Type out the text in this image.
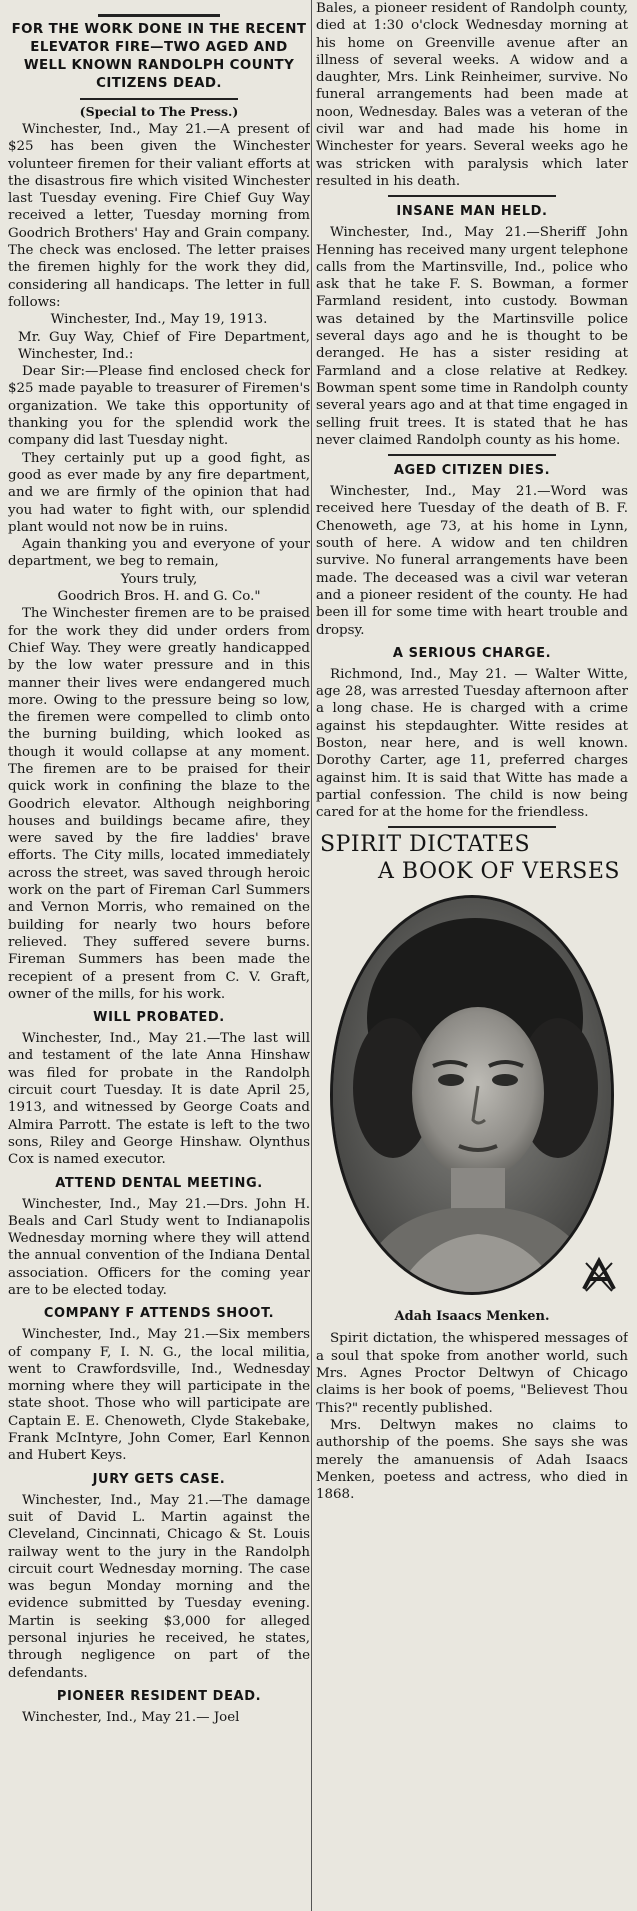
FOR THE WORK DONE IN THE RECENT ELEVATOR FIRE—TWO AGED AND WELL KNOWN RANDOLPH COUNTY CITIZENS DEAD.
(Special to The Press.)

Winchester, Ind., May 21.—A present of $25 has been given the Winchester volunteer firemen for their valiant efforts at the disastrous fire which visited Winchester last Tuesday evening. Fire Chief Guy Way received a letter, Tuesday morning from Goodrich Brothers' Hay and Grain company. The check was enclosed. The letter praises the firemen highly for the work they did, considering all handicaps. The letter in full follows:

Winchester, Ind., May 19, 1913.

Mr. Guy Way, Chief of Fire Department, Winchester, Ind.:

Dear Sir:—Please find enclosed check for $25 made payable to treasurer of Firemen's organization. We take this opportunity of thanking you for the splendid work the company did last Tuesday night.

They certainly put up a good fight, as good as ever made by any fire department, and we are firmly of the opinion that had you had water to fight with, our splendid plant would not now be in ruins.

Again thanking you and everyone of your department, we beg to remain,

Yours truly,

Goodrich Bros. H. and G. Co."

The Winchester firemen are to be praised for the work they did under orders from Chief Way. They were greatly handicapped by the low water pressure and in this manner their lives were endangered much more. Owing to the pressure being so low, the firemen were compelled to climb onto the burning building, which looked as though it would collapse at any moment. The firemen are to be praised for their quick work in confining the blaze to the Goodrich elevator. Although neighboring houses and buildings became afire, they were saved by the fire laddies' brave efforts. The City mills, located immediately across the street, was saved through heroic work on the part of Fireman Carl Summers and Vernon Morris, who remained on the building for nearly two hours before relieved. They suffered severe burns. Fireman Summers has been made the recepient of a present from C. V. Graft, owner of the mills, for his work.

WILL PROBATED.

Winchester, Ind., May 21.—The last will and testament of the late Anna Hinshaw was filed for probate in the Randolph circuit court Tuesday. It is date April 25, 1913, and witnessed by George Coats and Almira Parrott. The estate is left to the two sons, Riley and George Hinshaw. Olynthus Cox is named executor.

ATTEND DENTAL MEETING.

Winchester, Ind., May 21.—Drs. John H. Beals and Carl Study went to Indianapolis Wednesday morning where they will attend the annual convention of the Indiana Dental association. Officers for the coming year are to be elected today.

COMPANY F ATTENDS SHOOT.

Winchester, Ind., May 21.—Six members of company F, I. N. G., the local militia, went to Crawfordsville, Ind., Wednesday morning where they will participate in the state shoot. Those who will participate are Captain E. E. Chenoweth, Clyde Stakebake, Frank McIntyre, John Comer, Earl Kennon and Hubert Keys.

JURY GETS CASE.

Winchester, Ind., May 21.—The damage suit of David L. Martin against the Cleveland, Cincinnati, Chicago & St. Louis railway went to the jury in the Randolph circuit court Wednesday morning. The case was begun Monday morning and the evidence submitted by Tuesday evening. Martin is seeking $3,000 for alleged personal injuries he received, he states, through negligence on part of the defendants.

PIONEER RESIDENT DEAD.

Winchester, Ind., May 21.— Joel

Bales, a pioneer resident of Randolph county, died at 1:30 o'clock Wednesday morning at his home on Greenville avenue after an illness of several weeks. A widow and a daughter, Mrs. Link Reinheimer, survive. No funeral arrangements had been made at noon, Wednesday. Bales was a veteran of the civil war and had made his home in Winchester for years. Several weeks ago he was stricken with paralysis which later resulted in his death.

INSANE MAN HELD.

Winchester, Ind., May 21.—Sheriff John Henning has received many urgent telephone calls from the Martinsville, Ind., police who ask that he take F. S. Bowman, a former Farmland resident, into custody. Bowman was detained by the Martinsville police several days ago and he is thought to be deranged. He has a sister residing at Farmland and a close relative at Redkey. Bowman spent some time in Randolph county several years ago and at that time engaged in selling fruit trees. It is stated that he has never claimed Randolph county as his home.

AGED CITIZEN DIES.

Winchester, Ind., May 21.—Word was received here Tuesday of the death of B. F. Chenoweth, age 73, at his home in Lynn, south of here. A widow and ten children survive. No funeral arrangements have been made. The deceased was a civil war veteran and a pioneer resident of the county. He had been ill for some time with heart trouble and dropsy.

A SERIOUS CHARGE.

Richmond, Ind., May 21. — Walter Witte, age 28, was arrested Tuesday afternoon after a long chase. He is charged with a crime against his stepdaughter. Witte resides at Boston, near here, and is well known. Dorothy Carter, age 11, preferred charges against him. It is said that Witte has made a partial confession. The child is now being cared for at the home for the friendless.

SPIRIT DICTATES
A BOOK OF VERSES
Adah Isaacs Menken.

Spirit dictation, the whispered messages of a soul that spoke from another world, such Mrs. Agnes Proctor Deltwyn of Chicago claims is her book of poems, "Believest Thou This?" recently published.

Mrs. Deltwyn makes no claims to authorship of the poems. She says she was merely the amanuensis of Adah Isaacs Menken, poetess and actress, who died in 1868.
